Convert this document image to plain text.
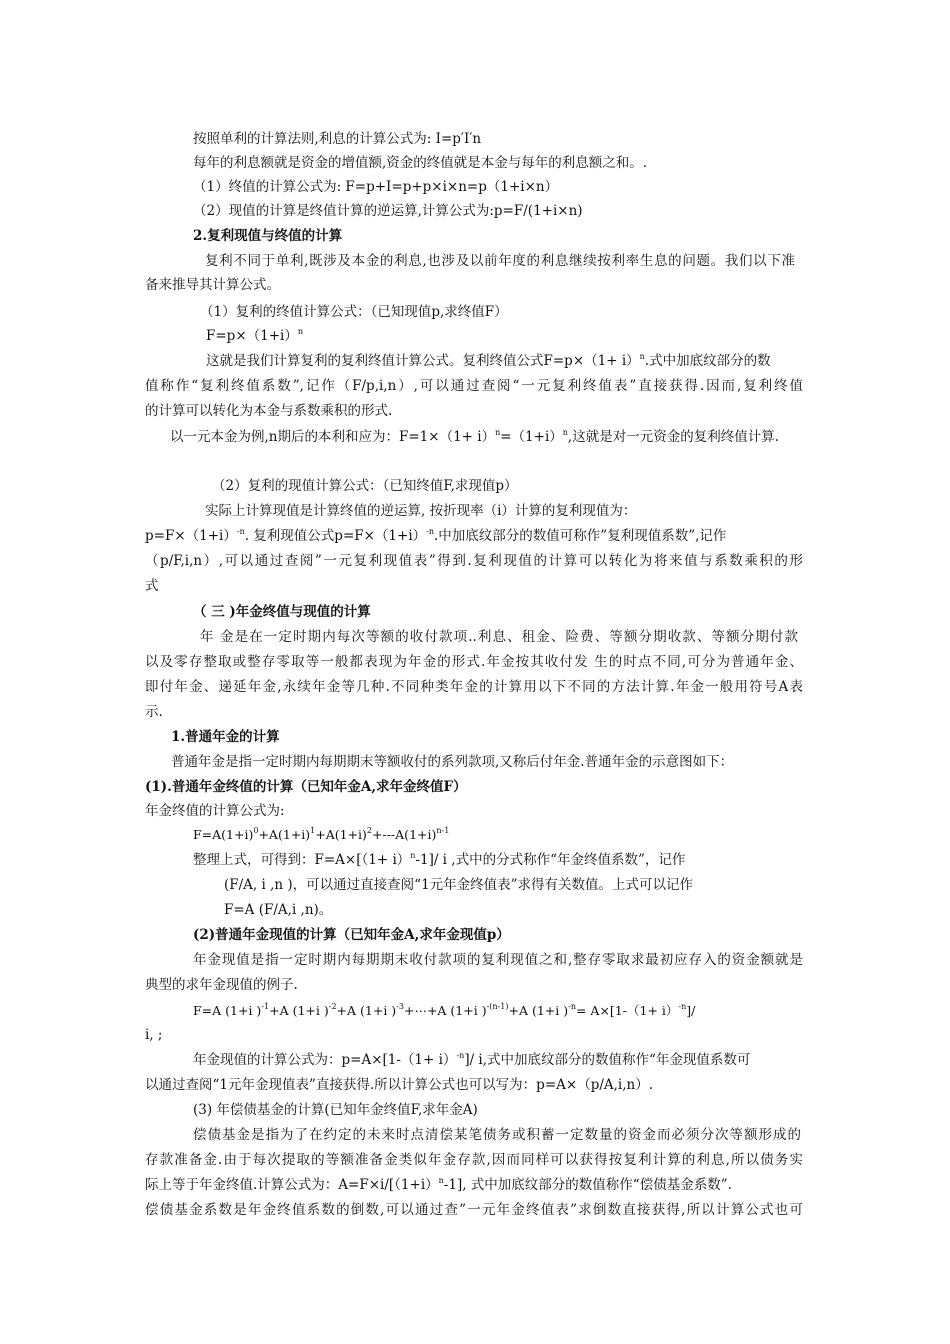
按照单利的计算法则,利息的计算公式为: I=p′I′n
每年的利息额就是资金的增值额,资金的终值就是本金与每年的利息额之和。.
（1）终值的计算公式为: F=p+I=p+p×i×n=p（1+i×n）
（2）现值的计算是终值计算的逆运算,计算公式为:p=F/(1+i×n)
2.复利现值与终值的计算
复利不同于单利,既涉及本金的利息,也涉及以前年度的利息继续按利率生息的问题。我们以下准
备来推导其计算公式。
（1）复利的终值计算公式：（已知现值p,求终值F）
$F=p\times(1+i)^n$
这就是我们计算复利的复利终值计算公式。复利终值公式$F=p\times(1+ i)^n$.式中加底纹部分的数
值称作“复利终值系数”,记作（F/p,i,n）,可以通过查阅“一元复利终值表”直接获得.因而,复利终值
的计算可以转化为本金与系数乘积的形式.
以一元本金为例,n期后的本利和应为：$F=1\times(1+ i)^n=(1+i)^n$,这就是对一元资金的复利终值计算.
（2）复利的现值计算公式：（已知终值F,求现值p）
实际上计算现值是计算终值的逆运算, 按折现率（i）计算的复利现值为：
$p=F\times(1+i)^{-n}$. 复利现值公式$p=F\times(1+i)^{-n}$.中加底纹部分的数值可称作”复利现值系数”,记作
（p/F,i,n）,可以通过查阅”一元复利现值表”得到.复利现值的计算可以转化为将来值与系数乘积的形
式
（ 三 )年金终值与现值的计算
年 金是在一定时期内每次等额的收付款项..利息、租金、险费、等额分期收款、等额分期付款
以及零存整取或整存零取等一般都表现为年金的形式.年金按其收付发 生的时点不同,可分为普通年金、
即付年金、递延年金,永续年金等几种.不同种类年金的计算用以下不同的方法计算.年金一般用符号A表
示.
1.普通年金的计算
普通年金是指一定时期内每期期末等额收付的系列款项,又称后付年金.普通年金的示意图如下：
(1).普通年金终值的计算（已知年金A,求年金终值F）
年金终值的计算公式为:
$F=A(1+i)^0+A(1+i)^1+A(1+i)^2+---A(1+i)^{n-1}$
整理上式，可得到：$F=A\times[(1+ i)^n-1]/$ i ,式中的分式称作“年金终值系数”，记作
(F/A, i ,n )，可以通过直接查阅“1元年金终值表”求得有关数值。上式可以记作
F=A (F/A,i ,n)。
(2)普通年金现值的计算（已知年金A,求年金现值p）
年金现值是指一定时期内每期期末收付款项的复利现值之和,整存零取求最初应存入的资金额就是
典型的求年金现值的例子.
F=A (1+i )$^{-1}$+A (1+i )$^{-2}$+A (1+i )$^{-3}$+⋯+A (1+i )$^{-(n-1)}$+A (1+i )$^{-n}= A\times[1-(1+ i)^{-n}]/$
i, ;
年金现值的计算公式为：$p=A\times[1-(1+ i)^{-n}]/$ i,式中加底纹部分的数值称作“年金现值系数可
以通过查阅“1元年金现值表”直接获得.所以计算公式也可以写为：p=A×（p/A,i,n）.
(3) 年偿债基金的计算(已知年金终值F,求年金A)
偿债基金是指为了在约定的未来时点清偿某笔债务或积蓄一定数量的资金而必须分次等额形成的
存款准备金.由于每次提取的等额准备金类似年金存款,因而同样可以获得按复利计算的利息,所以债务实
际上等于年金终值.计算公式为：$A=F\times i/[(1+i)^n-1]$, 式中加底纹部分的数值称作“偿债基金系数”.
偿债基金系数是年金终值系数的倒数,可以通过查”一元年金终值表”求倒数直接获得,所以计算公式也可
